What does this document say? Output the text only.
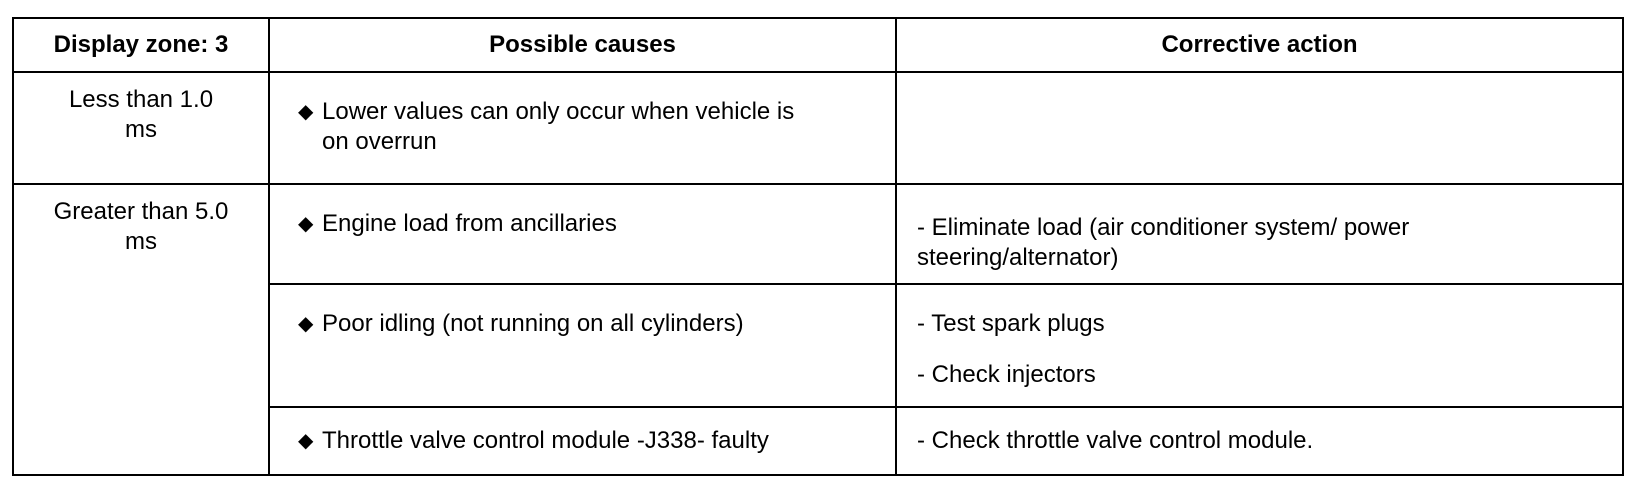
Display zone: 3	Possible causes	Corrective action

Less than 1.0
ms	◆ Lower values can only occur when vehicle is
on overrun	

Greater than 5.0
ms	◆ Engine load from ancillaries	- Eliminate load (air conditioner system/ power
steering/alternator)

	◆ Poor idling (not running on all cylinders)	- Test spark plugs
- Check injectors

	◆ Throttle valve control module -J338- faulty	- Check throttle valve control module.
